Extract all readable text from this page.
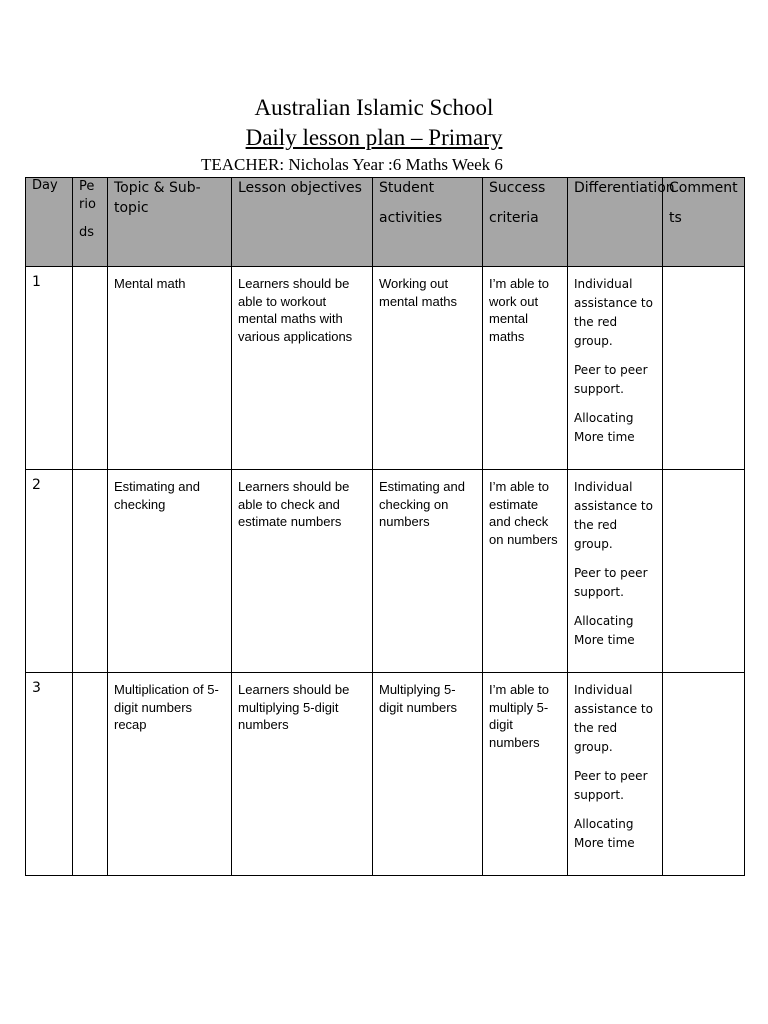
Australian Islamic School
Daily lesson plan – Primary
TEACHER: Nicholas Year :6 Maths Week 6
Day	Pe
rio
ds	Topic & Sub-topic	Lesson objectives	Student
activities	Success
criteria	Differentiation	Comment
ts
1		Mental math	Learners should be able to workout mental maths with various applications	Working out mental maths	I’m able to work out mental maths	Individual assistance to the red group.

Peer to peer support.

Allocating More time	

2		Estimating and checking	Learners should be able to check and estimate numbers	Estimating and checking on numbers	I’m able to estimate and check on numbers	Individual assistance to the red group.

Peer to peer support.

Allocating More time	

3		Multiplication of 5-digit numbers recap	Learners should be multiplying 5-digit numbers	Multiplying 5-digit numbers	I’m able to multiply 5-digit numbers	Individual assistance to the red group.

Peer to peer support.

Allocating More time	
